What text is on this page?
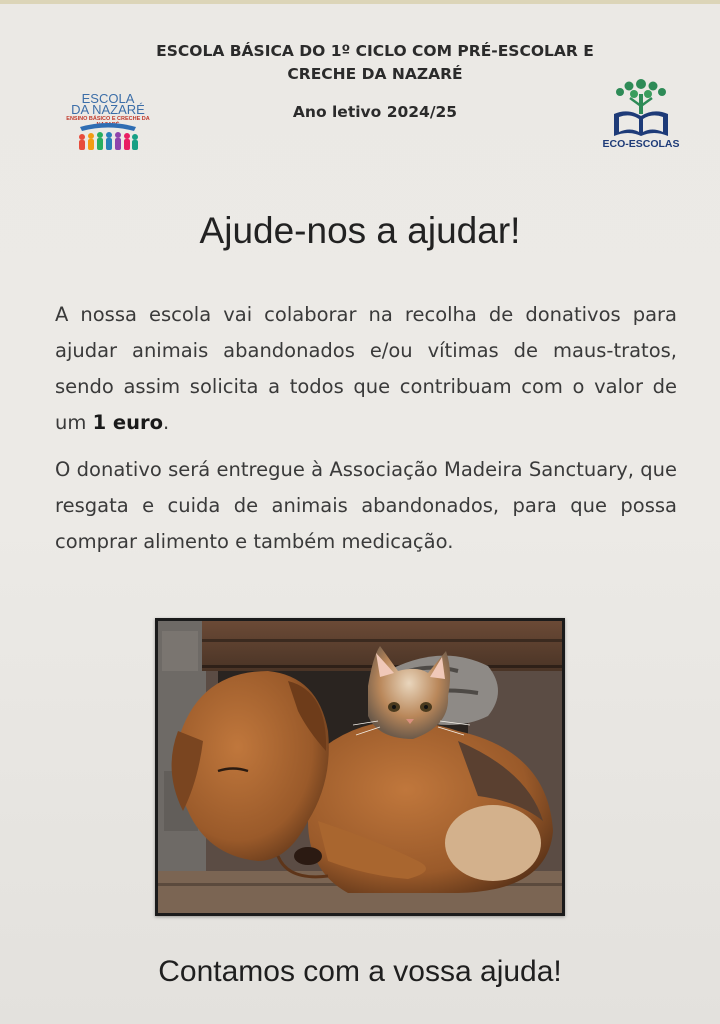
ESCOLA BÁSICA DO 1º CICLO COM PRÉ-ESCOLAR E
CRECHE DA NAZARÉ
Ano letivo 2024/25
ESCOLA
DA NAZARÉ
ENSINO BÁSICO E CRECHE DA
ECO-ESCOLAS
Ajude-nos a ajudar!
A nossa escola vai colaborar na recolha de donativos para ajudar animais abandonados e/ou vítimas de maus-tratos, sendo assim solicita a todos que contribuam com o valor de um 1 euro.
O donativo será entregue à Associação Madeira Sanctuary, que resgata e cuida de animais abandonados, para que possa comprar alimento e também medicação.
Contamos com a vossa ajuda!
